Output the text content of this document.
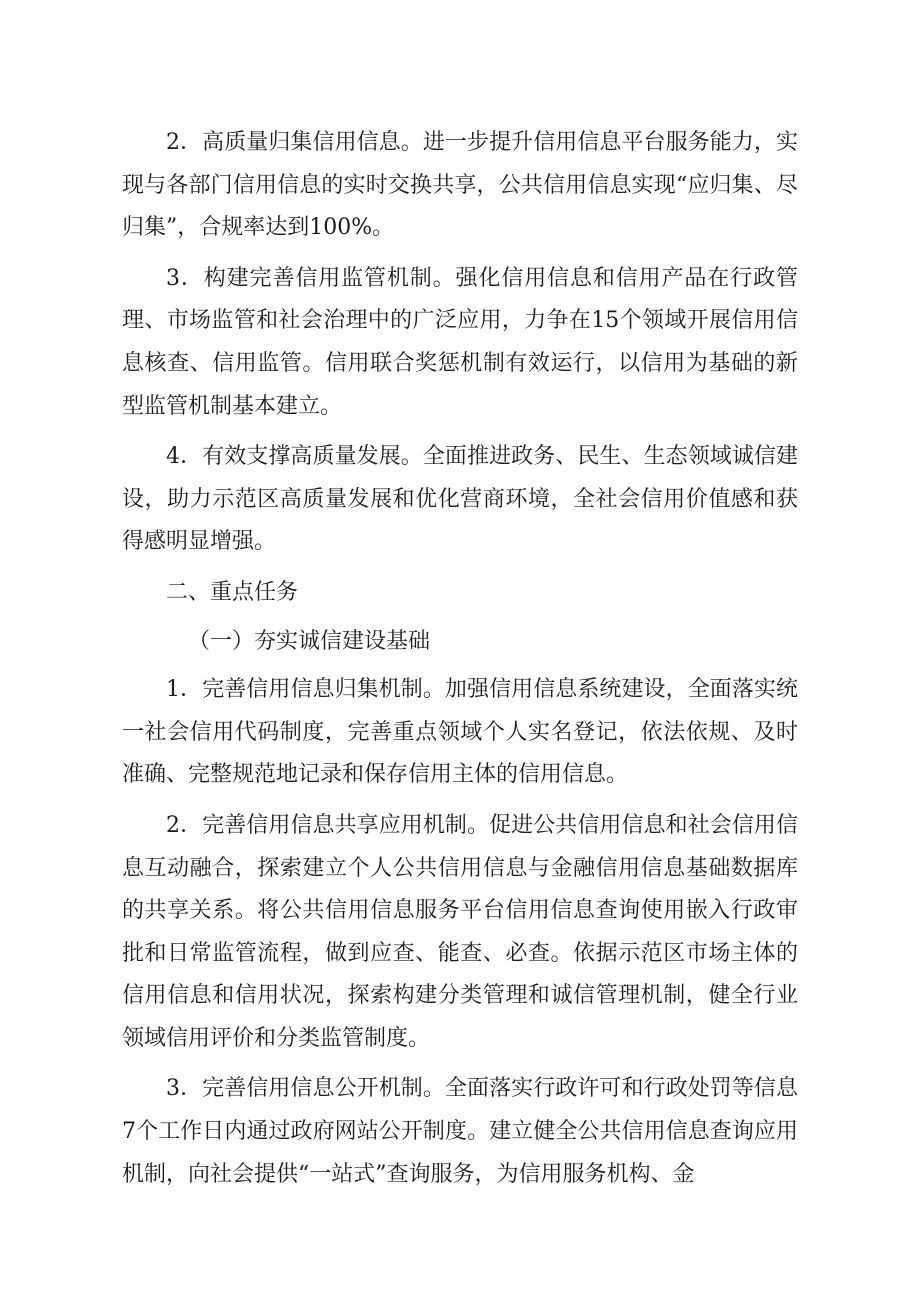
2．高质量归集信用信息。进一步提升信用信息平台服务能力，实现与各部门信用信息的实时交换共享，公共信用信息实现“应归集、尽归集”，合规率达到100%。

3．构建完善信用监管机制。强化信用信息和信用产品在行政管理、市场监管和社会治理中的广泛应用，力争在15个领域开展信用信息核查、信用监管。信用联合奖惩机制有效运行，以信用为基础的新型监管机制基本建立。

4．有效支撑高质量发展。全面推进政务、民生、生态领域诚信建设，助力示范区高质量发展和优化营商环境，全社会信用价值感和获得感明显增强。

二、重点任务

（一）夯实诚信建设基础

1．完善信用信息归集机制。加强信用信息系统建设，全面落实统一社会信用代码制度，完善重点领域个人实名登记，依法依规、及时准确、完整规范地记录和保存信用主体的信用信息。

2．完善信用信息共享应用机制。促进公共信用信息和社会信用信息互动融合，探索建立个人公共信用信息与金融信用信息基础数据库的共享关系。将公共信用信息服务平台信用信息查询使用嵌入行政审批和日常监管流程，做到应查、能查、必查。依据示范区市场主体的信用信息和信用状况，探索构建分类管理和诚信管理机制，健全行业领域信用评价和分类监管制度。

3．完善信用信息公开机制。全面落实行政许可和行政处罚等信息7个工作日内通过政府网站公开制度。建立健全公共信用信息查询应用机制，向社会提供“一站式”查询服务，为信用服务机构、金
